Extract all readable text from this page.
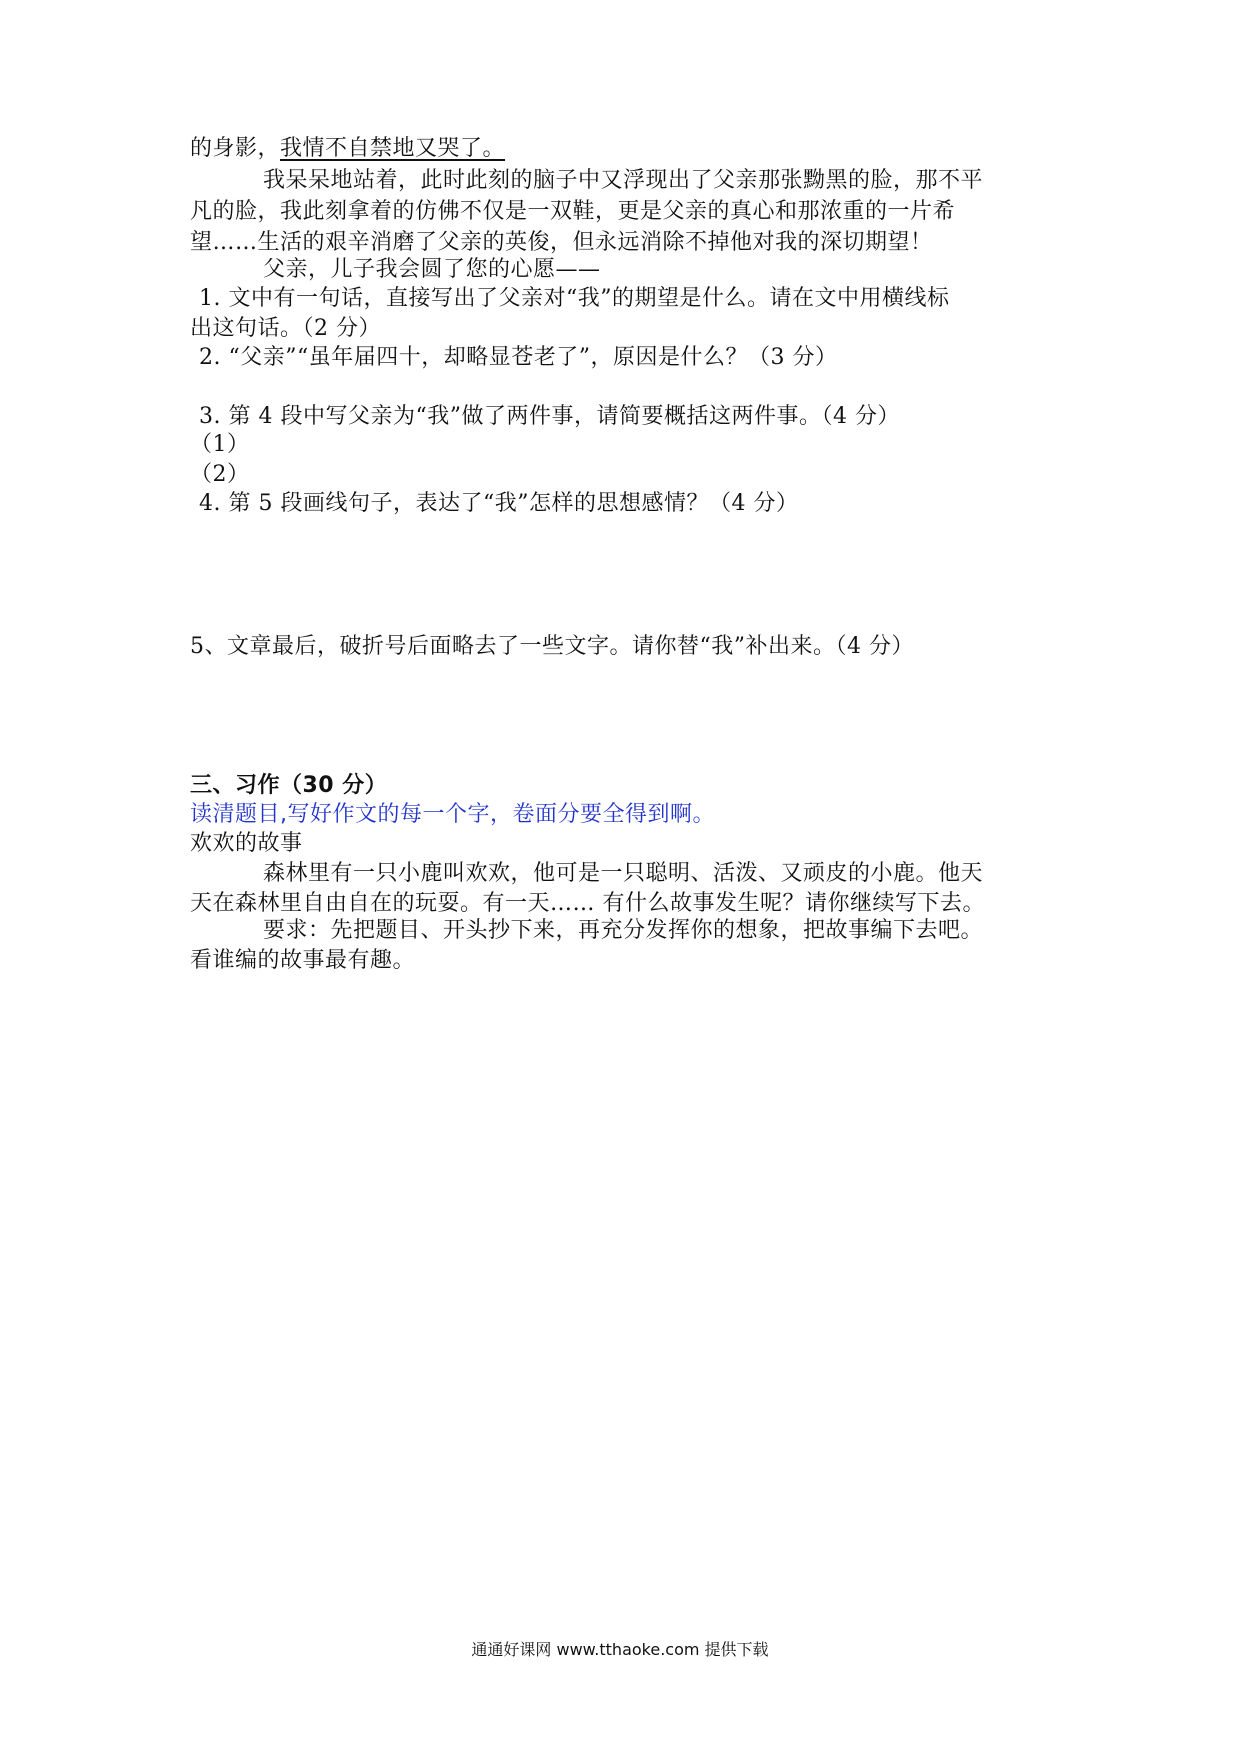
的身影，我情不自禁地又哭了。
我呆呆地站着，此时此刻的脑子中又浮现出了父亲那张黝黑的脸，那不平
凡的脸，我此刻拿着的仿佛不仅是一双鞋，更是父亲的真心和那浓重的一片希
望……生活的艰辛消磨了父亲的英俊，但永远消除不掉他对我的深切期望！
父亲，儿子我会圆了您的心愿——
1. 文中有一句话，直接写出了父亲对“我”的期望是什么。请在文中用横线标
出这句话。（2 分）
2. “父亲”“虽年届四十，却略显苍老了”，原因是什么？（3 分）
3. 第 4 段中写父亲为“我”做了两件事，请简要概括这两件事。（4 分）
（1）
（2）
4. 第 5 段画线句子，表达了“我”怎样的思想感情？（4 分）
5、文章最后，破折号后面略去了一些文字。请你替“我”补出来。（4 分）
三、习作（30 分）
读清题目,写好作文的每一个字，卷面分要全得到啊。
欢欢的故事
森林里有一只小鹿叫欢欢，他可是一只聪明、活泼、又顽皮的小鹿。他天
天在森林里自由自在的玩耍。有一天…… 有什么故事发生呢？请你继续写下去。
要求：先把题目、开头抄下来，再充分发挥你的想象，把故事编下去吧。
看谁编的故事最有趣。
通通好课网 www.tthaoke.com 提供下载
